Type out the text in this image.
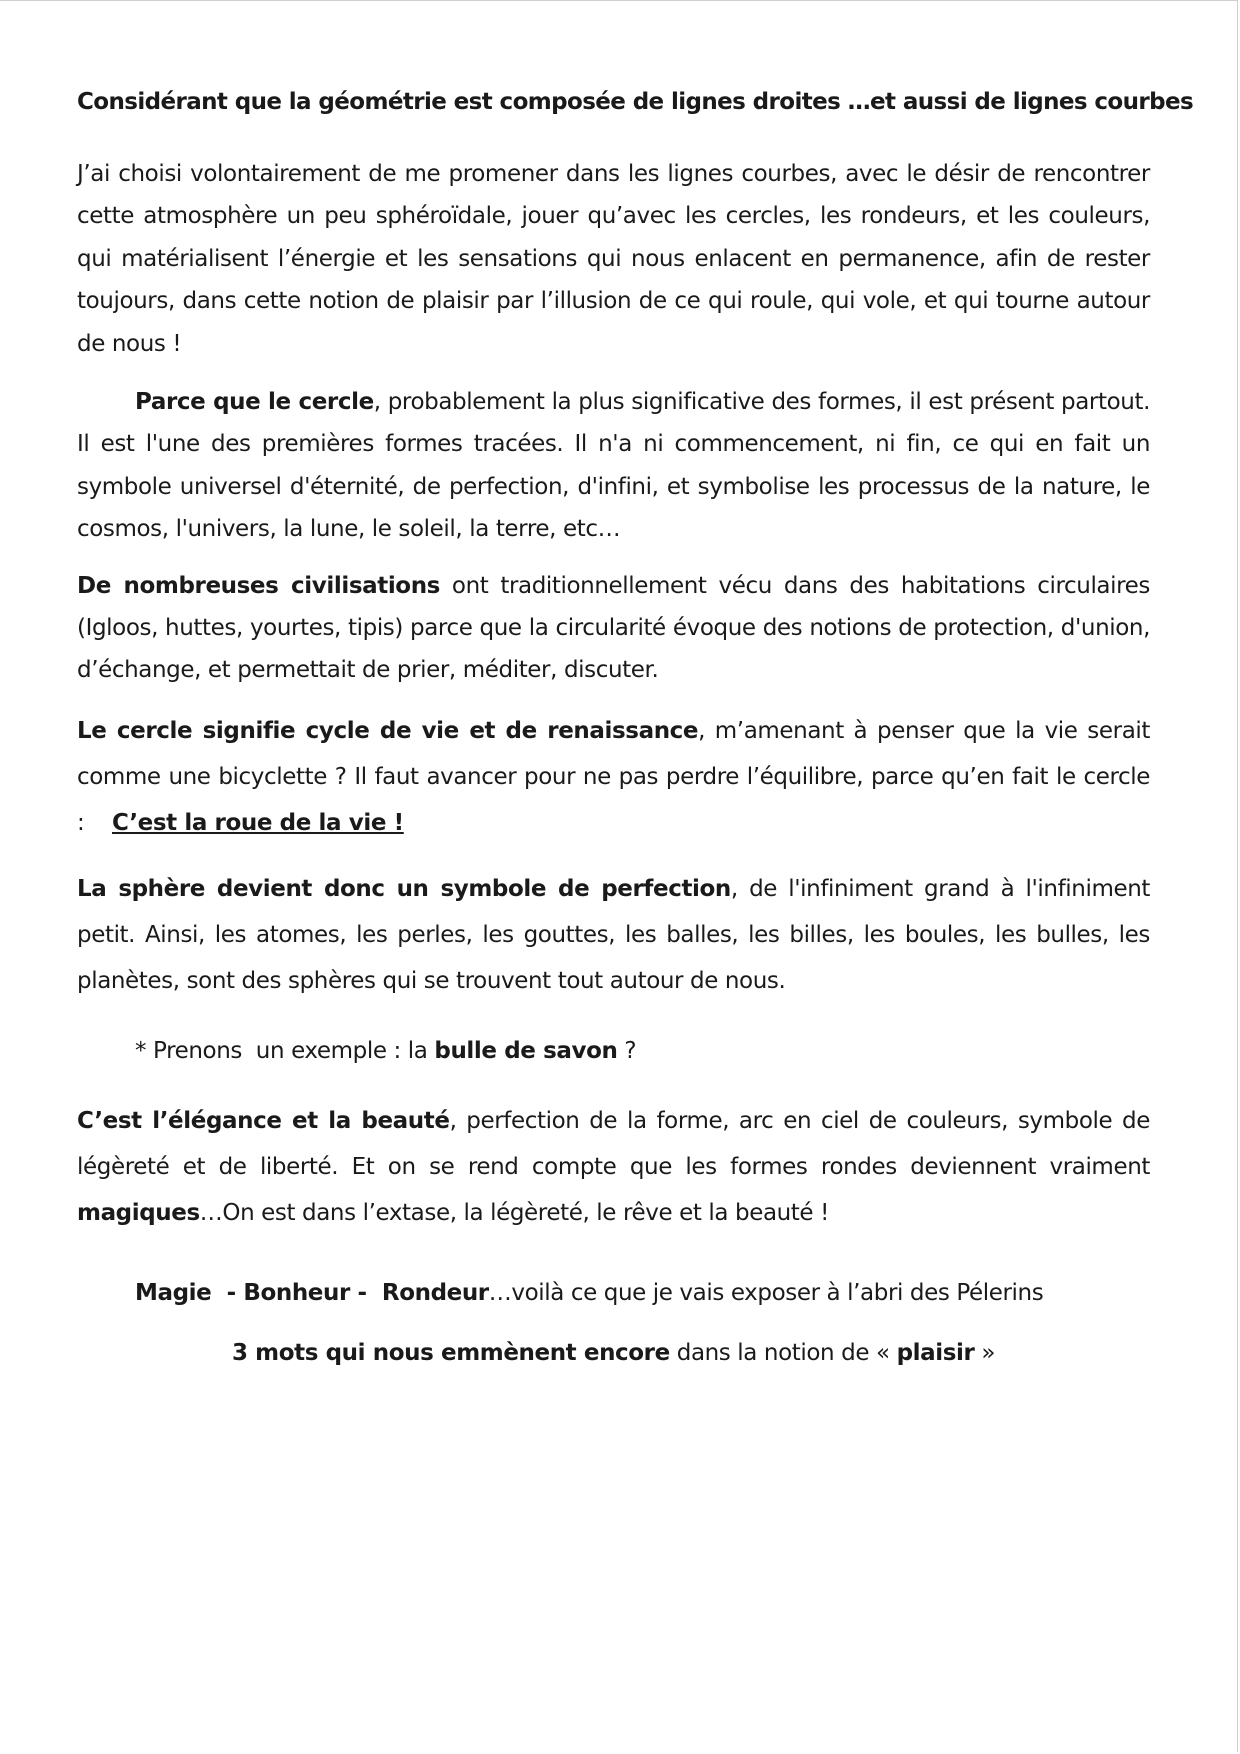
Considérant que la géométrie est composée de lignes droites …et aussi de lignes courbes

J’ai choisi volontairement de me promener dans les lignes courbes, avec le désir de rencontrer cette atmosphère un peu sphéroïdale, jouer qu’avec les cercles, les rondeurs, et les couleurs, qui matérialisent l’énergie et les sensations qui nous enlacent en permanence, afin de rester toujours, dans cette notion de plaisir par l’illusion de ce qui roule, qui vole, et qui tourne autour de nous !

Parce que le cercle, probablement la plus significative des formes, il est présent partout. Il est l'une des premières formes tracées. Il n'a ni commencement, ni fin, ce qui en fait un symbole universel d'éternité, de perfection, d'infini, et symbolise les processus de la nature, le cosmos, l'univers, la lune, le soleil, la terre, etc…

De nombreuses civilisations ont traditionnellement vécu dans des habitations circulaires (Igloos, huttes, yourtes, tipis) parce que la circularité évoque des notions de protection, d'union, d’échange, et permettait de prier, méditer, discuter.

Le cercle signifie cycle de vie et de renaissance, m’amenant à penser que la vie serait comme une bicyclette ? Il faut avancer pour ne pas perdre l’équilibre, parce qu’en fait le cercle :    C’est la roue de la vie !

La sphère devient donc un symbole de perfection, de l'infiniment grand à l'infiniment petit. Ainsi, les atomes, les perles, les gouttes, les balles, les billes, les boules, les bulles, les planètes, sont des sphères qui se trouvent tout autour de nous.

* Prenons  un exemple : la bulle de savon ?

C’est l’élégance et la beauté, perfection de la forme, arc en ciel de couleurs, symbole de légèreté et de liberté. Et on se rend compte que les formes rondes deviennent vraiment magiques…On est dans l’extase, la légèreté, le rêve et la beauté !

Magie  - Bonheur -  Rondeur…voilà ce que je vais exposer à l’abri des Pélerins

3 mots qui nous emmènent encore dans la notion de « plaisir »
